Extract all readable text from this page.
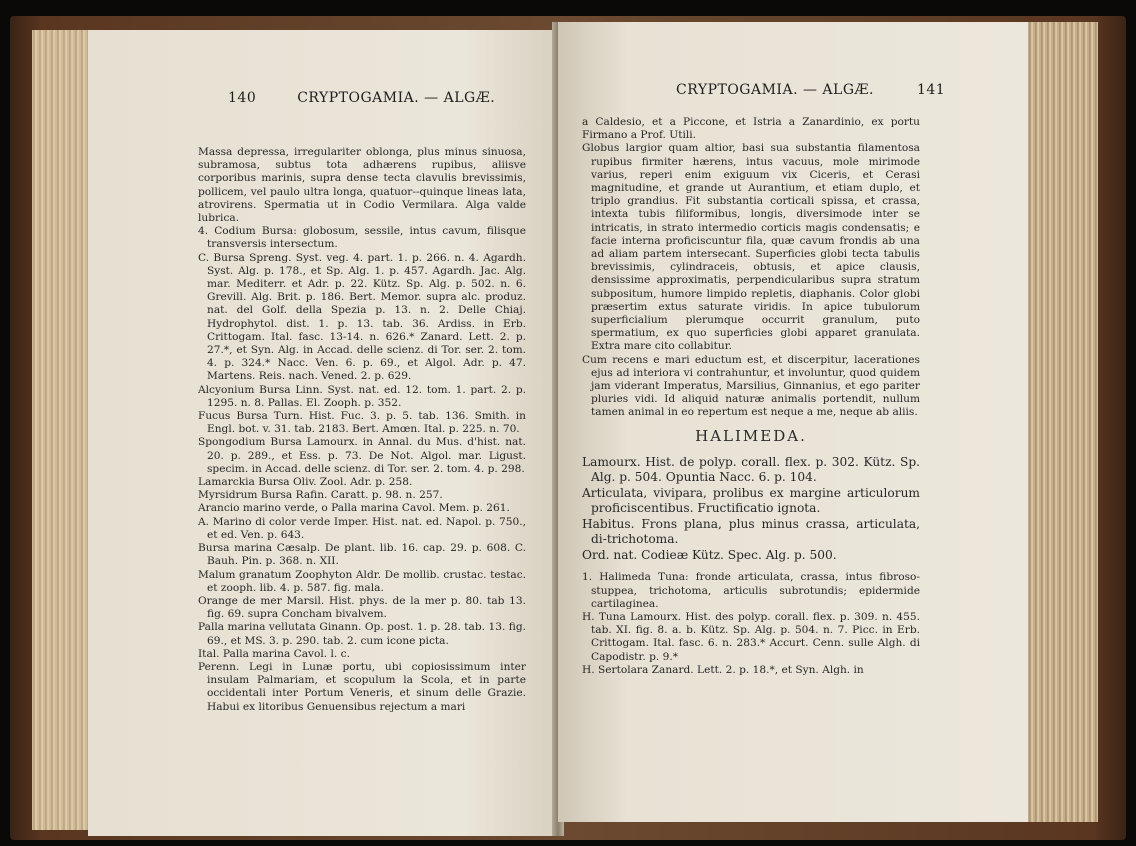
140	CRYPTOGAMIA. — ALGÆ.

Massa depressa, irregulariter oblonga, plus minus sinuosa, subramosa, subtus tota adhærens rupibus, aliisve corporibus marinis, supra dense tecta clavulis brevissimis, pollicem, vel paulo ultra longa, quatuor--quinque lineas lata, atrovirens. Spermatia ut in Codio Vermilara. Alga valde lubrica.

4. Codium Bursa: globosum, sessile, intus cavum, filisque transversis intersectum.

C. Bursa Spreng. Syst. veg. 4. part. 1. p. 266. n. 4. Agardh. Syst. Alg. p. 178., et Sp. Alg. 1. p. 457. Agardh. Jac. Alg. mar. Mediterr. et Adr. p. 22. Kütz. Sp. Alg. p. 502. n. 6. Grevill. Alg. Brit. p. 186. Bert. Memor. supra alc. produz. nat. del Golf. della Spezia p. 13. n. 2. Delle Chiaj. Hydrophytol. dist. 1. p. 13. tab. 36. Ardiss. in Erb. Crittogam. Ital. fasc. 13-14. n. 626.* Zanard. Lett. 2. p. 27.*, et Syn. Alg. in Accad. delle scienz. di Tor. ser. 2. tom. 4. p. 324.* Nacc. Ven. 6. p. 69., et Algol. Adr. p. 47. Martens. Reis. nach. Vened. 2. p. 629.

Alcyonium Bursa Linn. Syst. nat. ed. 12. tom. 1. part. 2. p. 1295. n. 8. Pallas. El. Zooph. p. 352.

Fucus Bursa Turn. Hist. Fuc. 3. p. 5. tab. 136. Smith. in Engl. bot. v. 31. tab. 2183. Bert. Amœn. Ital. p. 225. n. 70.

Spongodium Bursa Lamourx. in Annal. du Mus. d'hist. nat. 20. p. 289., et Ess. p. 73. De Not. Algol. mar. Ligust. specim. in Accad. delle scienz. di Tor. ser. 2. tom. 4. p. 298.

Lamarckia Bursa Oliv. Zool. Adr. p. 258.

Myrsidrum Bursa Rafin. Caratt. p. 98. n. 257.

Arancio marino verde, o Palla marina Cavol. Mem. p. 261.

A. Marino di color verde Imper. Hist. nat. ed. Napol. p. 750., et ed. Ven. p. 643.

Bursa marina Cæsalp. De plant. lib. 16. cap. 29. p. 608. C. Bauh. Pin. p. 368. n. XII.

Malum granatum Zoophyton Aldr. De mollib. crustac. testac. et zooph. lib. 4. p. 587. fig. mala.

Orange de mer Marsil. Hist. phys. de la mer p. 80. tab 13. fig. 69. supra Concham bivalvem.

Palla marina vellutata Ginann. Op. post. 1. p. 28. tab. 13. fig. 69., et MS. 3. p. 290. tab. 2. cum icone picta.

Ital. Palla marina Cavol. l. c.

Perenn. Legi in Lunæ portu, ubi copiosissimum inter insulam Palmariam, et scopulum la Scola, et in parte occidentali inter Portum Veneris, et sinum delle Grazie. Habui ex litoribus Genuensibus rejectum a mari

CRYPTOGAMIA. — ALGÆ.	141

a Caldesio, et a Piccone, et Istria a Zanardinio, ex portu Firmano a Prof. Utili.

Globus largior quam altior, basi sua substantia filamentosa rupibus firmiter hærens, intus vacuus, mole mirimode varius, reperi enim exiguum vix Ciceris, et Cerasi magnitudine, et grande ut Aurantium, et etiam duplo, et triplo grandius. Fit substantia corticali spissa, et crassa, intexta tubis filiformibus, longis, diversimode inter se intricatis, in strato intermedio corticis magis condensatis; e facie interna proficiscuntur fila, quæ cavum frondis ab una ad aliam partem intersecant. Superficies globi tecta tabulis brevissimis, cylindraceis, obtusis, et apice clausis, densissime approximatis, perpendicularibus supra stratum subpositum, humore limpido repletis, diaphanis. Color globi præsertim extus saturate viridis. In apice tubulorum superficialium plerumque occurrit granulum, puto spermatium, ex quo superficies globi apparet granulata. Extra mare cito collabitur.

Cum recens e mari eductum est, et discerpitur, lacerationes ejus ad interiora vi contrahuntur, et involuntur, quod quidem jam viderant Imperatus, Marsilius, Ginnanius, et ego pariter pluries vidi. Id aliquid naturæ animalis portendit, nullum tamen animal in eo repertum est neque a me, neque ab aliis.

HALIMEDA.

Lamourx. Hist. de polyp. corall. flex. p. 302. Kütz. Sp. Alg. p. 504. Opuntia Nacc. 6. p. 104.

Articulata, vivipara, prolibus ex margine articulorum proficiscentibus. Fructificatio ignota.

Habitus. Frons plana, plus minus crassa, articulata, di-trichotoma.

Ord. nat. Codieæ Kütz. Spec. Alg. p. 500.

1. Halimeda Tuna: fronde articulata, crassa, intus fibroso-stuppea, trichotoma, articulis subrotundis; epidermide cartilaginea.

H. Tuna Lamourx. Hist. des polyp. corall. flex. p. 309. n. 455. tab. XI. fig. 8. a. b. Kütz. Sp. Alg. p. 504. n. 7. Picc. in Erb. Crittogam. Ital. fasc. 6. n. 283.* Accurt. Cenn. sulle Algh. di Capodistr. p. 9.*

H. Sertolara Zanard. Lett. 2. p. 18.*, et Syn. Algh. in
